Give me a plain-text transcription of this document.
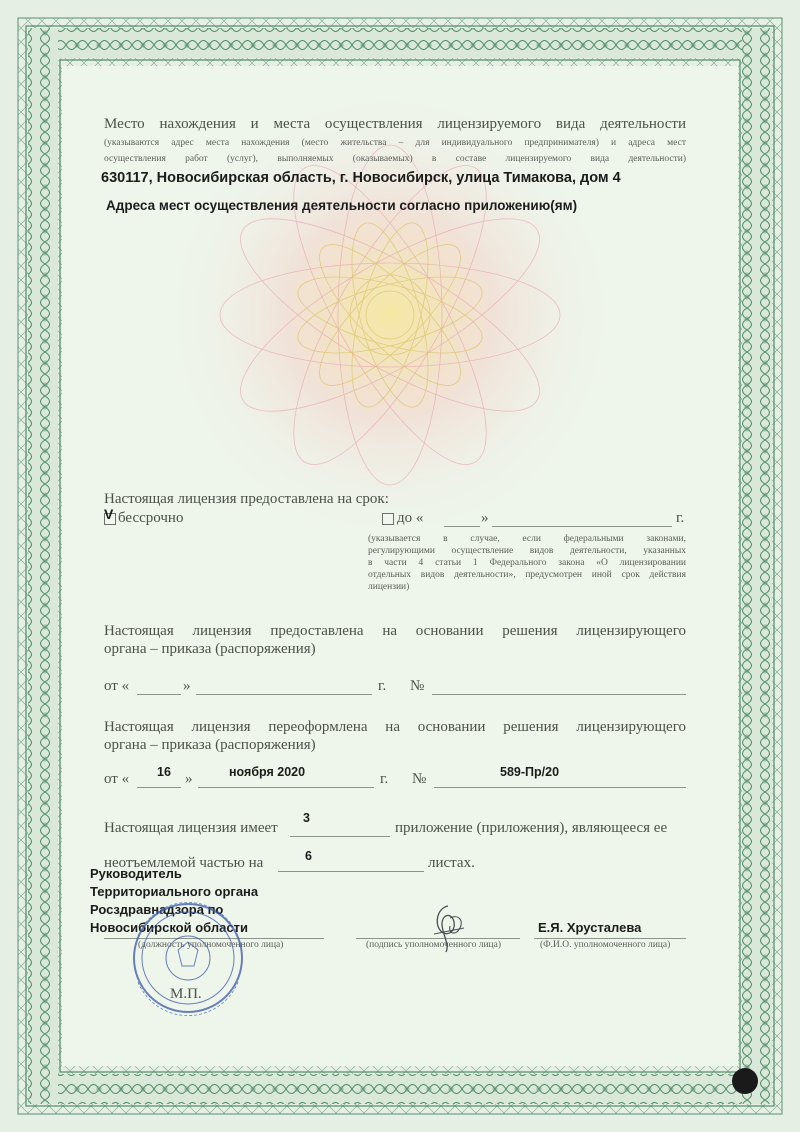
Место нахождения и места осуществления лицензируемого вида деятельности
(указываются адрес места нахождения (место жительства – для индивидуального предпринимателя) и адреса мест
осуществления работ (услуг), выполняемых (оказываемых) в составе лицензируемого вида деятельности)
630117, Новосибирская область, г. Новосибирск, улица Тимакова, дом 4
Адреса мест осуществления деятельности согласно приложению(ям)
Настоящая лицензия предоставлена на срок:
V бессрочно	до «	»	г.
(указывается в случае, если федеральными законами,
регулирующими осуществление видов деятельности, указанных
в части 4 статьи 1 Федерального закона «О лицензировании
отдельных видов деятельности», предусмотрен иной срок действия
лицензии)
Настоящая лицензия предоставлена на основании решения лицензирующего
органа – приказа (распоряжения)
от «	»	г. №
Настоящая лицензия переоформлена на основании решения лицензирующего
органа – приказа (распоряжения)
от « 16 »	ноября 2020	г. №	589-Пр/20
Настоящая лицензия имеет
3
приложение (приложения), являющееся ее
неотъемлемой частью на	6	листах.
Руководитель
Территориального органа
Росздравнадзора по
Новосибирской области	Е.Я. Хрусталева
(должность уполномоченного лица)	(подпись уполномоченного лица)	(Ф.И.О. уполномоченного лица)
М.П.
